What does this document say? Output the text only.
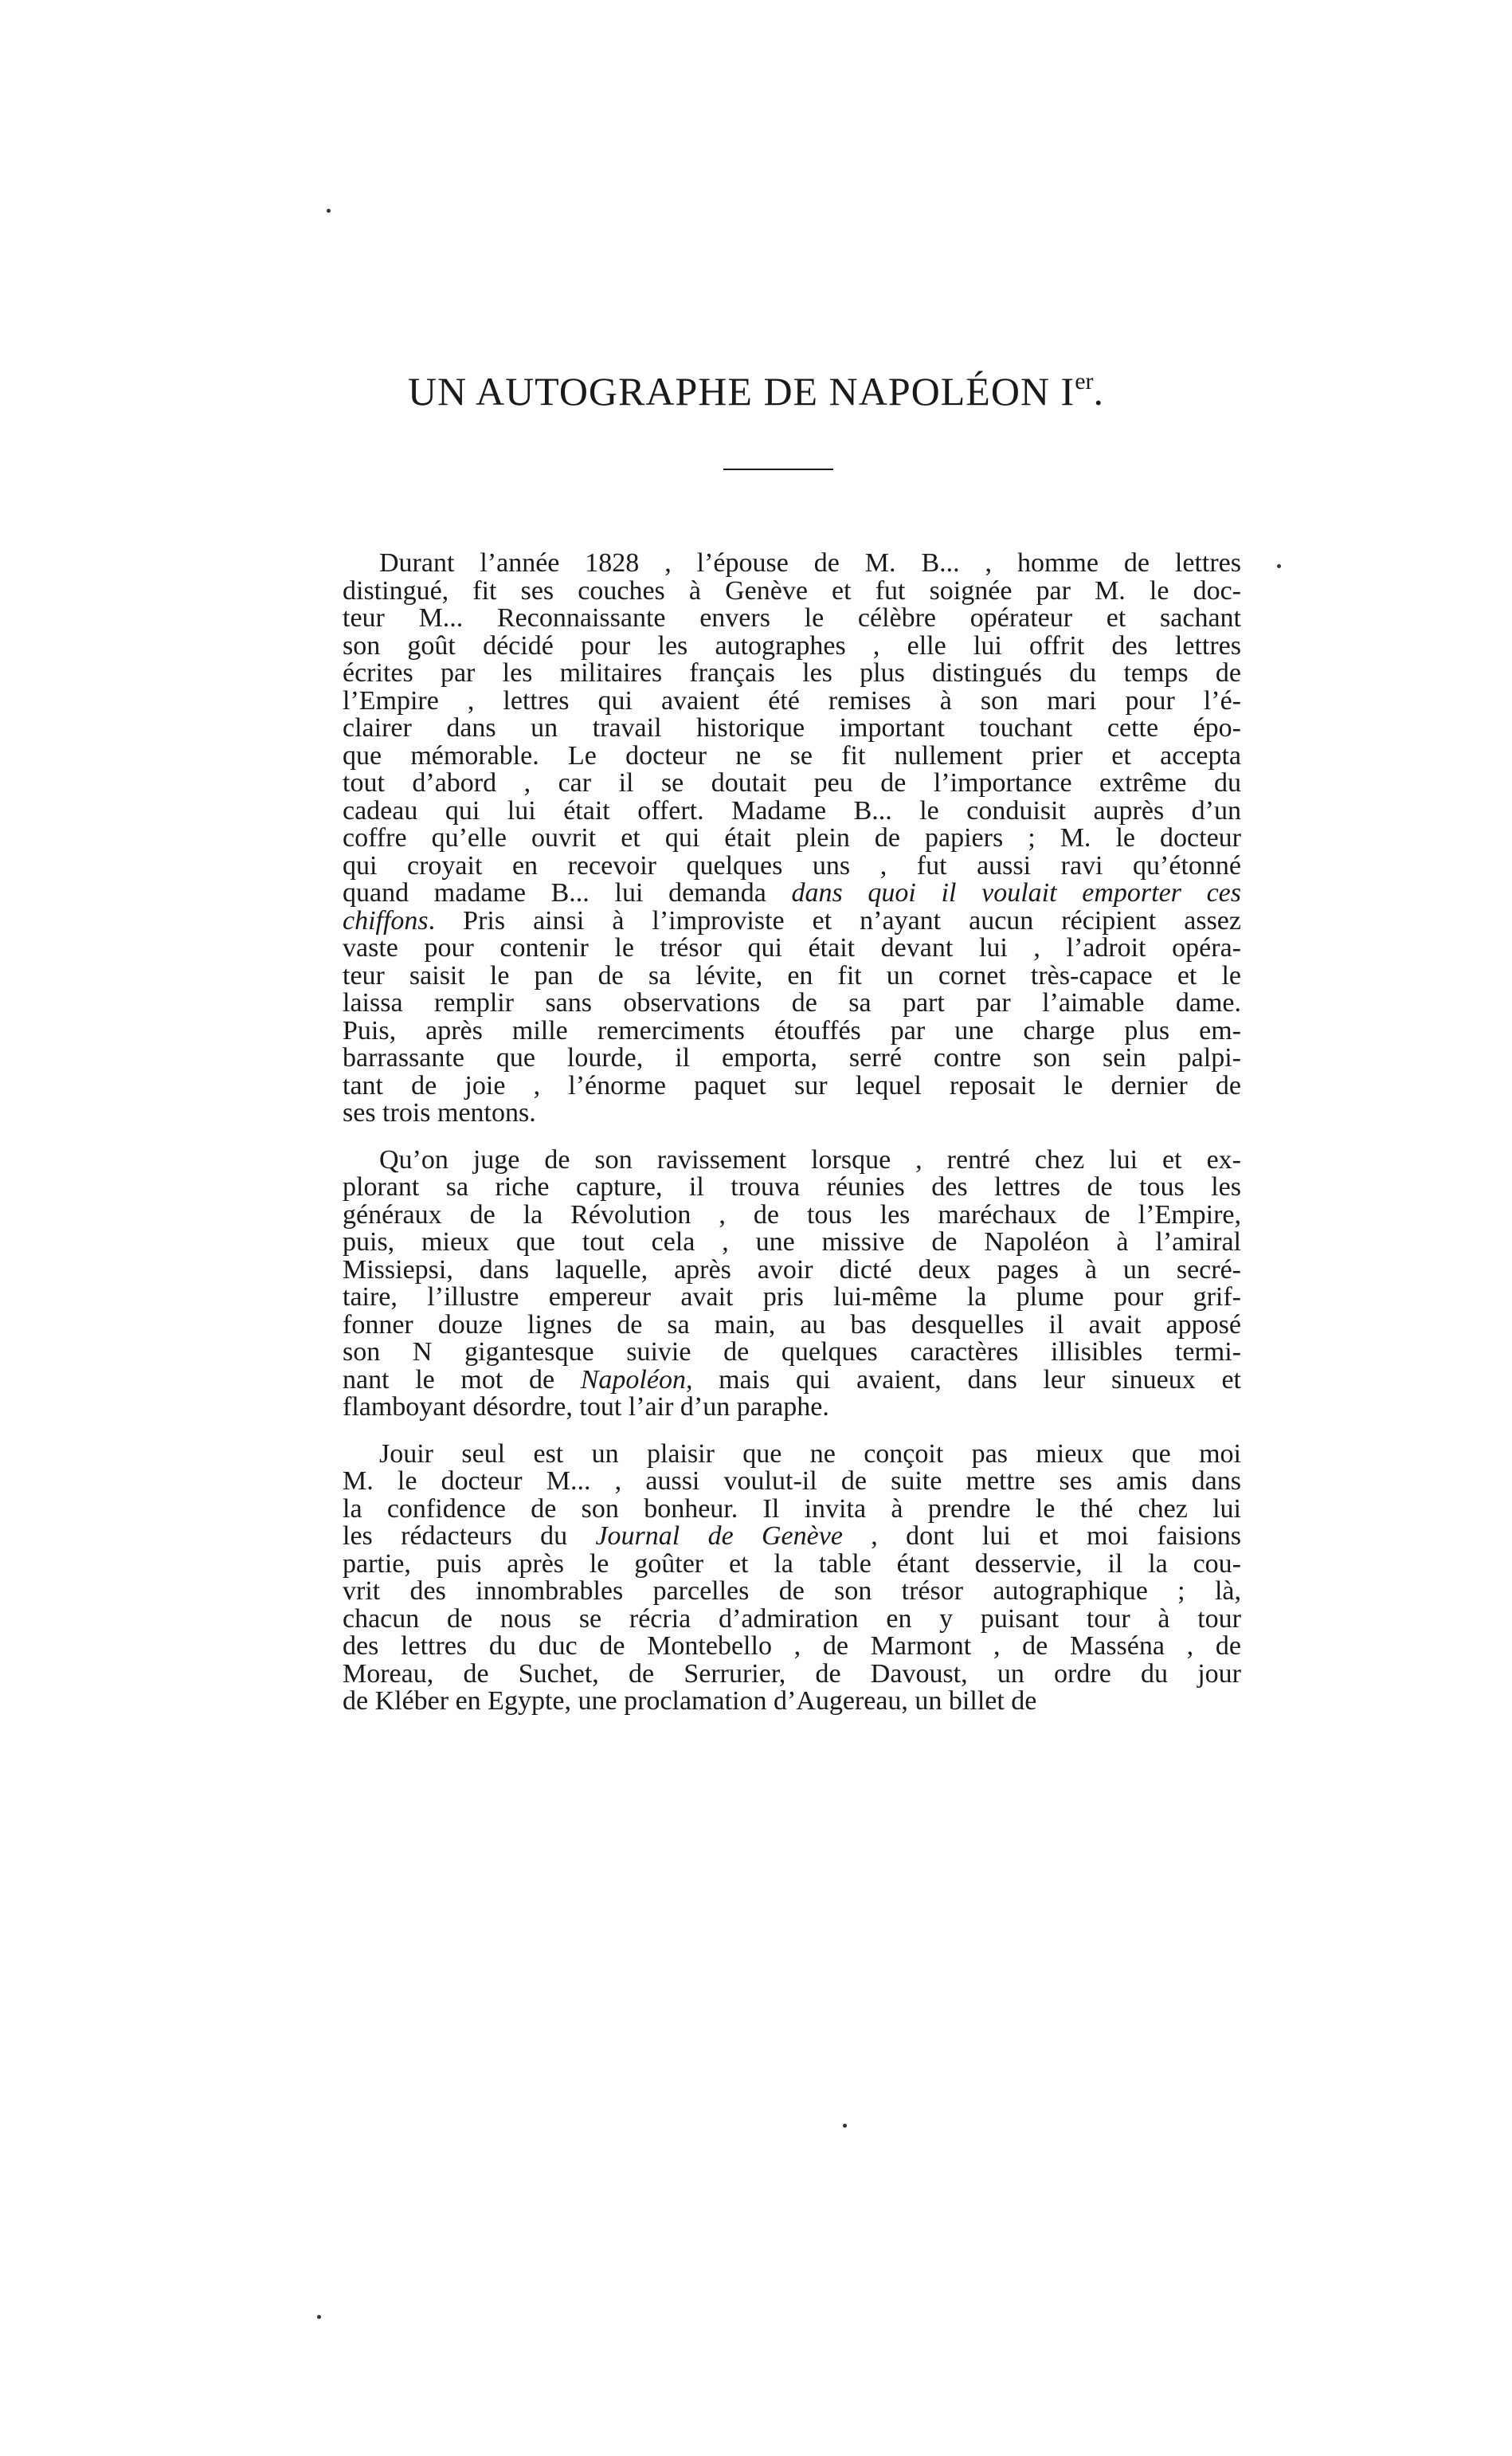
UN AUTOGRAPHE DE NAPOLÉON Ier.
Durant l’année 1828 , l’épouse de M. B... , homme de lettres
distingué, fit ses couches à Genève et fut soignée par M. le doc-
teur M... Reconnaissante envers le célèbre opérateur et sachant
son goût décidé pour les autographes , elle lui offrit des lettres
écrites par les militaires français les plus distingués du temps de
l’Empire , lettres qui avaient été remises à son mari pour l’é-
clairer dans un travail historique important touchant cette épo-
que mémorable. Le docteur ne se fit nullement prier et accepta
tout d’abord , car il se doutait peu de l’importance extrême du
cadeau qui lui était offert. Madame B... le conduisit auprès d’un
coffre qu’elle ouvrit et qui était plein de papiers ; M. le docteur
qui croyait en recevoir quelques uns , fut aussi ravi qu’étonné
quand madame B... lui demanda dans quoi il voulait emporter ces
chiffons. Pris ainsi à l’improviste et n’ayant aucun récipient assez
vaste pour contenir le trésor qui était devant lui , l’adroit opéra-
teur saisit le pan de sa lévite, en fit un cornet très-capace et le
laissa remplir sans observations de sa part par l’aimable dame.
Puis, après mille remerciments étouffés par une charge plus em-
barrassante que lourde, il emporta, serré contre son sein palpi-
tant de joie , l’énorme paquet sur lequel reposait le dernier de
ses trois mentons.
Qu’on juge de son ravissement lorsque , rentré chez lui et ex-
plorant sa riche capture, il trouva réunies des lettres de tous les
généraux de la Révolution , de tous les maréchaux de l’Empire,
puis, mieux que tout cela , une missive de Napoléon à l’amiral
Missiepsi, dans laquelle, après avoir dicté deux pages à un secré-
taire, l’illustre empereur avait pris lui-même la plume pour grif-
fonner douze lignes de sa main, au bas desquelles il avait apposé
son N gigantesque suivie de quelques caractères illisibles termi-
nant le mot de Napoléon, mais qui avaient, dans leur sinueux et
flamboyant désordre, tout l’air d’un paraphe.
Jouir seul est un plaisir que ne conçoit pas mieux que moi
M. le docteur M... , aussi voulut-il de suite mettre ses amis dans
la confidence de son bonheur. Il invita à prendre le thé chez lui
les rédacteurs du Journal de Genève , dont lui et moi faisions
partie, puis après le goûter et la table étant desservie, il la cou-
vrit des innombrables parcelles de son trésor autographique ; là,
chacun de nous se récria d’admiration en y puisant tour à tour
des lettres du duc de Montebello , de Marmont , de Masséna , de
Moreau, de Suchet, de Serrurier, de Davoust, un ordre du jour
de Kléber en Egypte, une proclamation d’Augereau, un billet de
